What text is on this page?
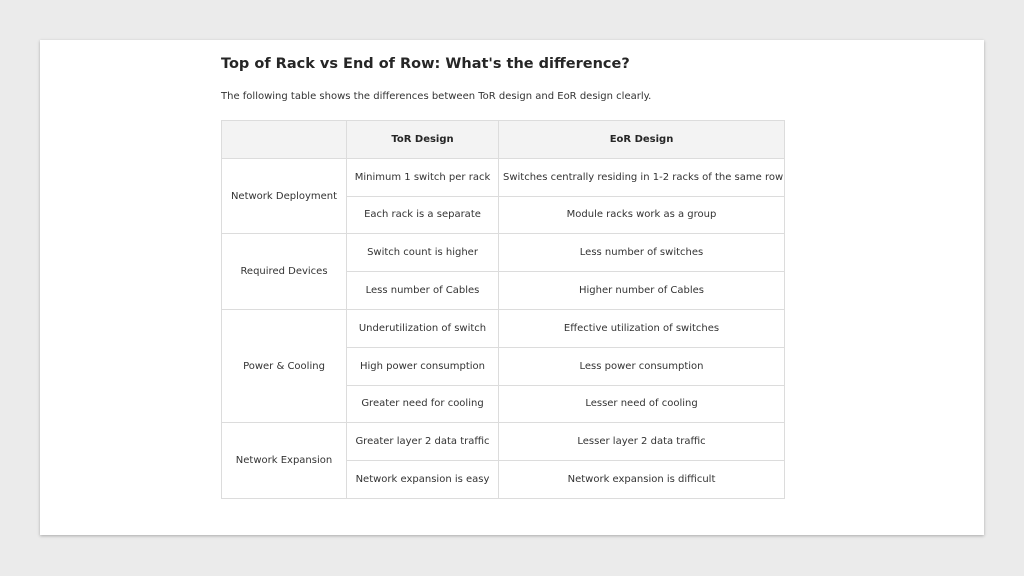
Top of Rack vs End of Row: What's the difference?

The following table shows the differences between ToR design and EoR design clearly.

	ToR Design	EoR Design
Network Deployment	Minimum 1 switch per rack	Switches centrally residing in 1-2 racks of the same row
	Each rack is a separate	Module racks work as a group
Required Devices	Switch count is higher	Less number of switches
	Less number of Cables	Higher number of Cables
Power & Cooling	Underutilization of switch	Effective utilization of switches
	High power consumption	Less power consumption
	Greater need for cooling	Lesser need of cooling
Network Expansion	Greater layer 2 data traffic	Lesser layer 2 data traffic
	Network expansion is easy	Network expansion is difficult
